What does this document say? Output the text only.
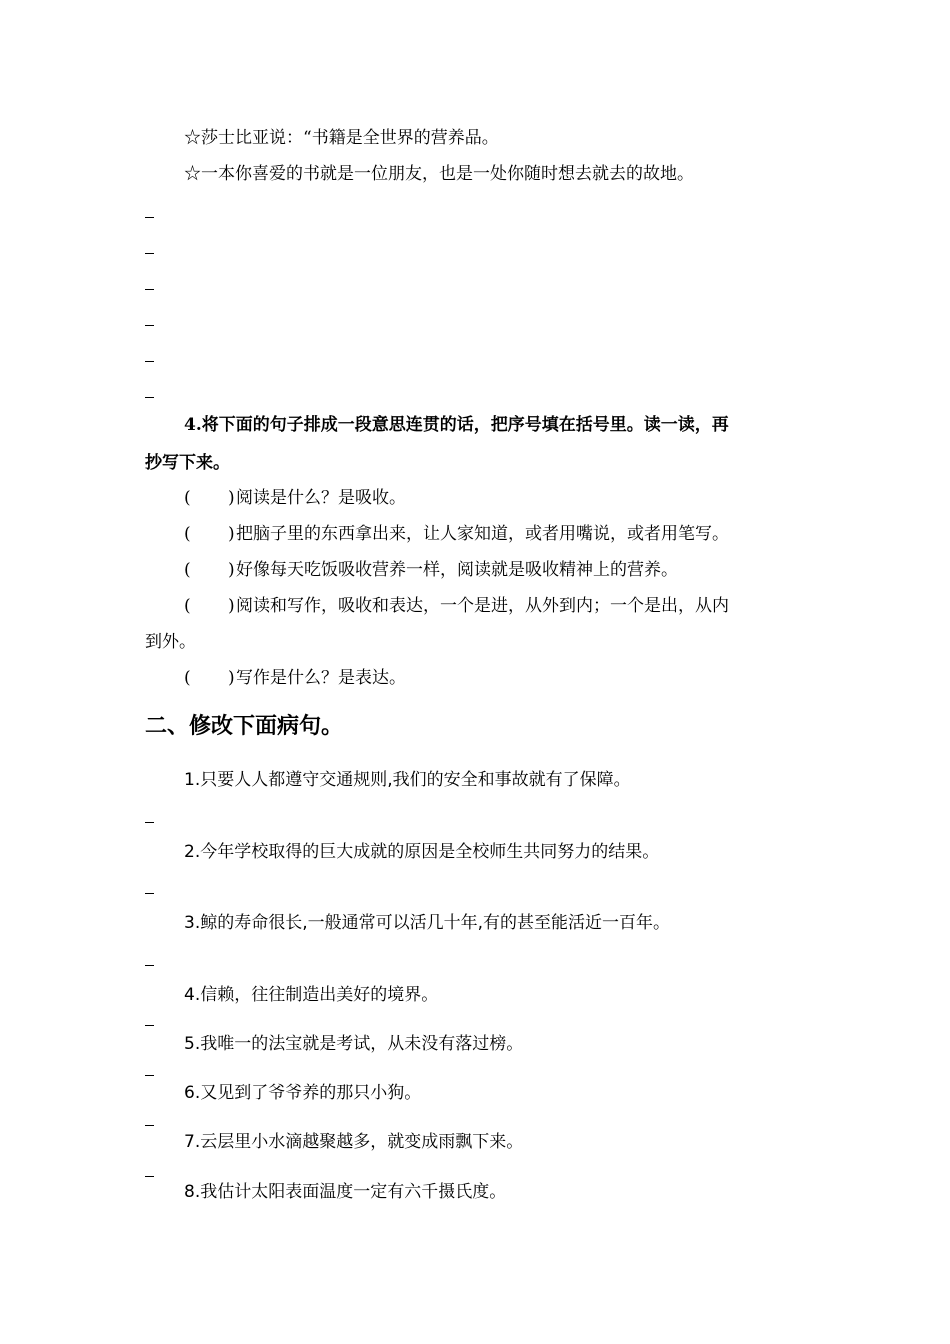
☆莎士比亚说：“书籍是全世界的营养品。
☆一本你喜爱的书就是一位朋友，也是一处你随时想去就去的故地。
4.将下面的句子排成一段意思连贯的话，把序号填在括号里。读一读，再
抄写下来。
( ) 阅读是什么？是吸收。
( ) 把脑子里的东西拿出来，让人家知道，或者用嘴说，或者用笔写。
( ) 好像每天吃饭吸收营养一样，阅读就是吸收精神上的营养。
( ) 阅读和写作，吸收和表达，一个是进，从外到内；一个是出，从内
到外。
( ) 写作是什么？是表达。
二、修改下面病句。
1.只要人人都遵守交通规则,我们的安全和事故就有了保障。
2.今年学校取得的巨大成就的原因是全校师生共同努力的结果。
3.鲸的寿命很长,一般通常可以活几十年,有的甚至能活近一百年。
4.信赖，往往制造出美好的境界。
5.我唯一的法宝就是考试，从未没有落过榜。
6.又见到了爷爷养的那只小狗。
7.云层里小水滴越聚越多，就变成雨飘下来。
8.我估计太阳表面温度一定有六千摄氏度。
